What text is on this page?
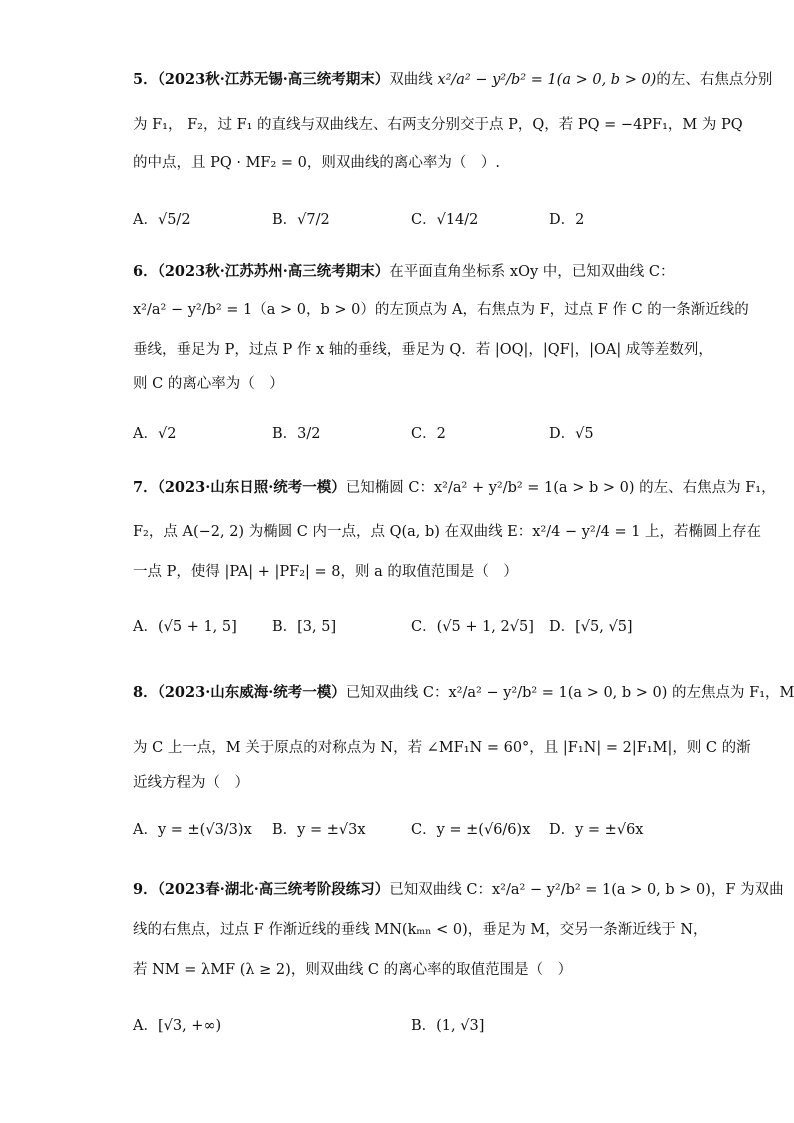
5．（2023秋·江苏无锡·高三统考期末）双曲线 x²/a² − y²/b² = 1(a > 0, b > 0)的左、右焦点分别
为 F₁， F₂，过 F₁ 的直线与双曲线左、右两支分别交于点 P，Q，若 PQ = −4PF₁，M 为 PQ
的中点，且 PQ · MF₂ = 0，则双曲线的离心率为（　）.
A．√5/2	B．√7/2	C．√14/2	D．2
6．（2023秋·江苏苏州·高三统考期末）在平面直角坐标系 xOy 中，已知双曲线 C：
x²/a² − y²/b² = 1（a > 0，b > 0）的左顶点为 A，右焦点为 F，过点 F 作 C 的一条渐近线的
垂线，垂足为 P，过点 P 作 x 轴的垂线，垂足为 Q．若 |OQ|，|QF|，|OA| 成等差数列，
则 C 的离心率为（　）
A．√2	B．3/2	C．2	D．√5
7．（2023·山东日照·统考一模）已知椭圆 C：x²/a² + y²/b² = 1(a > b > 0) 的左、右焦点为 F₁，
F₂，点 A(−2, 2) 为椭圆 C 内一点，点 Q(a, b) 在双曲线 E：x²/4 − y²/4 = 1 上，若椭圆上存在
一点 P，使得 |PA| + |PF₂| = 8，则 a 的取值范围是（　）
A．(√5 + 1, 5] B．[3, 5]	C．(√5 + 1, 2√5] D．[√5, √5]
8．（2023·山东威海·统考一模）已知双曲线 C：x²/a² − y²/b² = 1(a > 0, b > 0) 的左焦点为 F₁，M
为 C 上一点，M 关于原点的对称点为 N，若 ∠MF₁N = 60°，且 |F₁N| = 2|F₁M|，则 C 的渐
近线方程为（　）
A．y = ±(√3/3)x B．y = ±√3x	C．y = ±(√6/6)x D．y = ±√6x
9．（2023春·湖北·高三统考阶段练习）已知双曲线 C：x²/a² − y²/b² = 1(a > 0, b > 0)，F 为双曲
线的右焦点，过点 F 作渐近线的垂线 MN(kₘₙ < 0)，垂足为 M，交另一条渐近线于 N，
若 NM = λMF (λ ≥ 2)，则双曲线 C 的离心率的取值范围是（　）
A．[√3, +∞)	B．(1, √3]
